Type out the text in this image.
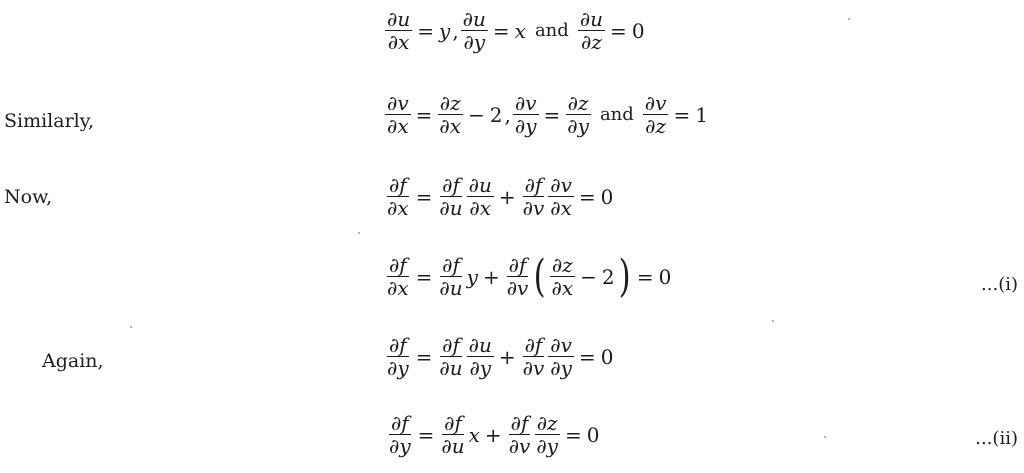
$\frac{\partial u}{\partial x} = y$ , $\frac{\partial u}{\partial y} = x$ and $\frac{\partial u}{\partial z} = 0$
Similarly,	$\frac{\partial v}{\partial x} = \frac{\partial z}{\partial x} - 2$ , $\frac{\partial v}{\partial y} = \frac{\partial z}{\partial y}$ and $\frac{\partial v}{\partial z} = 1$
Now,	$\frac{\partial f}{\partial x} = \frac{\partial f}{\partial u} \frac{\partial u}{\partial x} + \frac{\partial f}{\partial v} \frac{\partial v}{\partial x} = 0$
$\frac{\partial f}{\partial x} = \frac{\partial f}{\partial u}$ $y + \frac{\partial f}{\partial v}$ ( $\frac{\partial z}{\partial x} - 2$ ) = 0	...(i)
Again,	$\frac{\partial f}{\partial y} = \frac{\partial f}{\partial u} \frac{\partial u}{\partial y} + \frac{\partial f}{\partial v} \frac{\partial v}{\partial y} = 0$
$\frac{\partial f}{\partial y} = \frac{\partial f}{\partial u}$ $x + \frac{\partial f}{\partial v} \frac{\partial z}{\partial y} = 0$	...(ii)
